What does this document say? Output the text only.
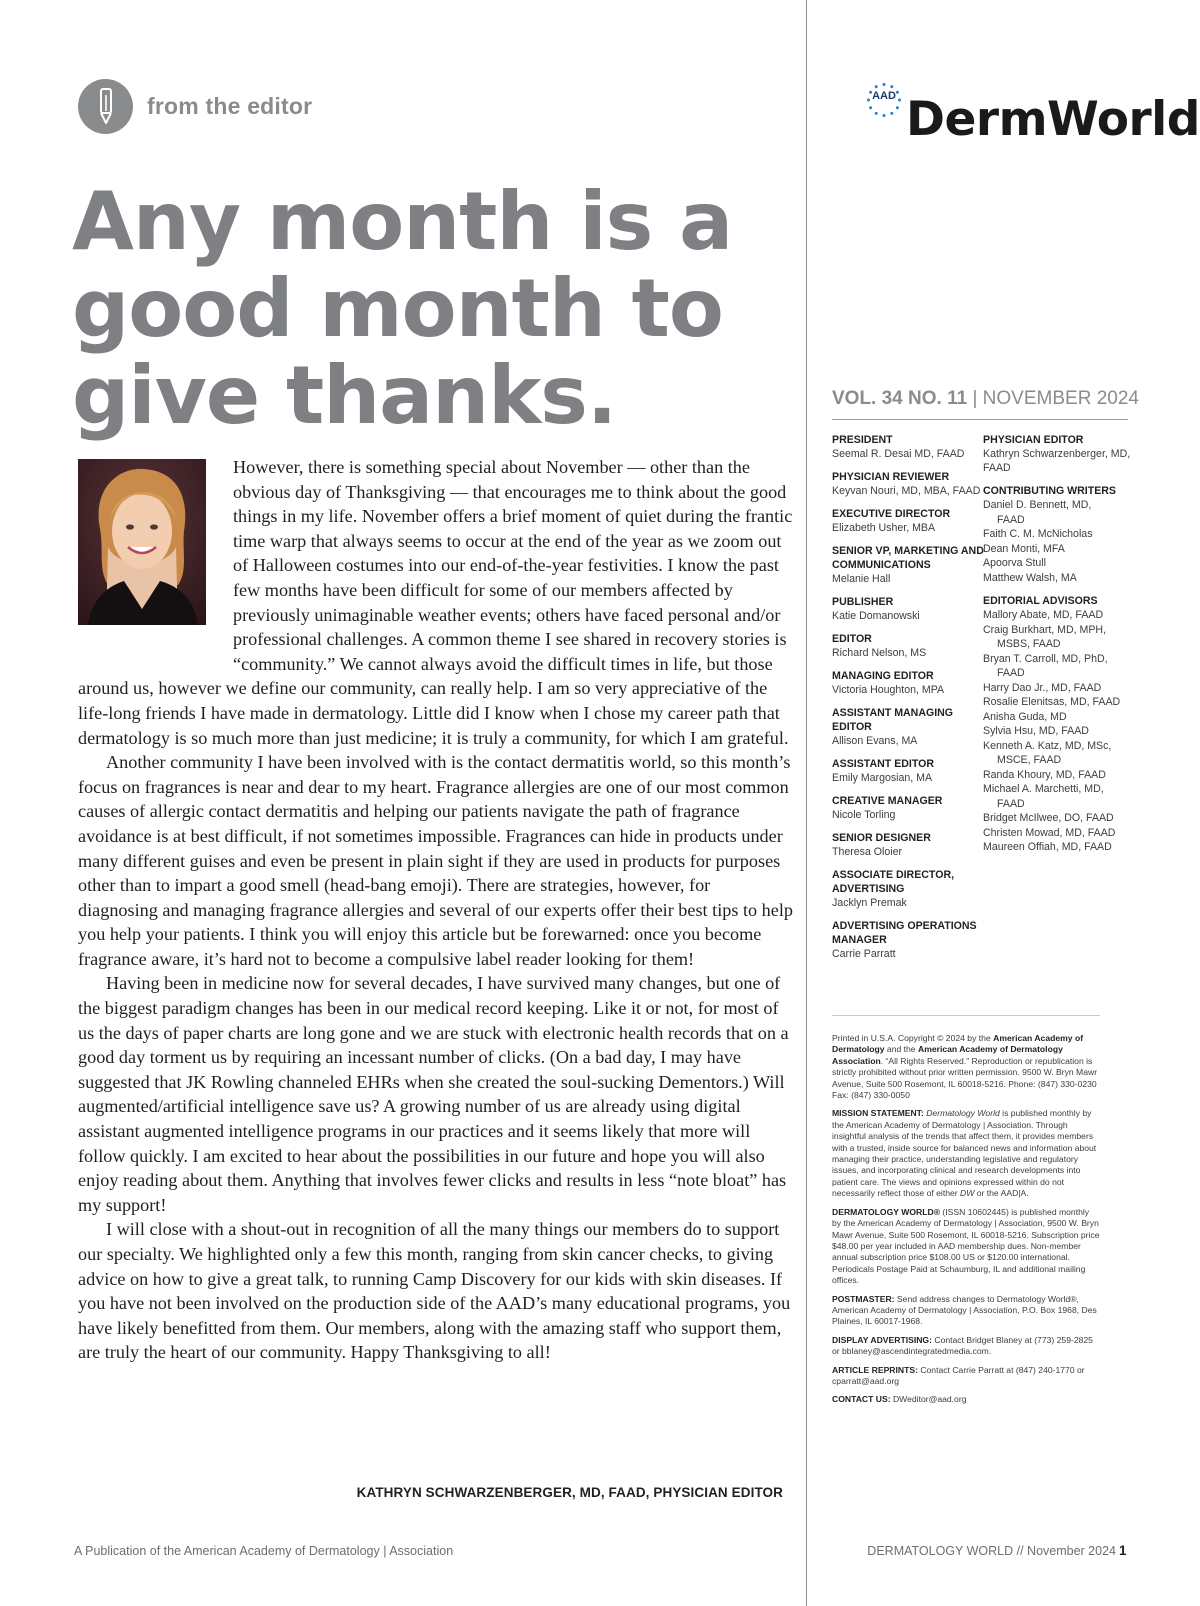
from the editor
Any month is a
good month to
give thanks.
AAD DermWorld
VOL. 34 NO. 11 | NOVEMBER 2024
PRESIDENT
Seemal R. Desai MD, FAAD
PHYSICIAN REVIEWER
Keyvan Nouri, MD, MBA, FAAD
EXECUTIVE DIRECTOR
Elizabeth Usher, MBA
SENIOR VP, MARKETING AND COMMUNICATIONS
Melanie Hall
PUBLISHER
Katie Domanowski
EDITOR
Richard Nelson, MS
MANAGING EDITOR
Victoria Houghton, MPA
ASSISTANT MANAGING EDITOR
Allison Evans, MA
ASSISTANT EDITOR
Emily Margosian, MA
CREATIVE MANAGER
Nicole Torling
SENIOR DESIGNER
Theresa Oloier
ASSOCIATE DIRECTOR, ADVERTISING
Jacklyn Premak
ADVERTISING OPERATIONS MANAGER
Carrie Parratt
PHYSICIAN EDITOR
Kathryn Schwarzenberger, MD, FAAD
CONTRIBUTING WRITERS
Daniel D. Bennett, MD,
FAAD
Faith C. M. McNicholas
Dean Monti, MFA
Apoorva Stull
Matthew Walsh, MA
EDITORIAL ADVISORS
Mallory Abate, MD, FAAD
Craig Burkhart, MD, MPH,
MSBS, FAAD
Bryan T. Carroll, MD, PhD,
FAAD
Harry Dao Jr., MD, FAAD
Rosalie Elenitsas, MD, FAAD
Anisha Guda, MD
Sylvia Hsu, MD, FAAD
Kenneth A. Katz, MD, MSc,
MSCE, FAAD
Randa Khoury, MD, FAAD
Michael A. Marchetti, MD,
FAAD
Bridget McIlwee, DO, FAAD
Christen Mowad, MD, FAAD
Maureen Offiah, MD, FAAD

Printed in U.S.A. Copyright © 2024 by the American Academy of Dermatology and the American Academy of Dermatology Association. “All Rights Reserved.” Reproduction or republication is strictly prohibited without prior written permission. 9500 W. Bryn Mawr Avenue, Suite 500 Rosemont, IL 60018-5216. Phone: (847) 330-0230 Fax: (847) 330-0050

MISSION STATEMENT: Dermatology World is published monthly by the American Academy of Dermatology | Association. Through insightful analysis of the trends that affect them, it provides members with a trusted, inside source for balanced news and information about managing their practice, understanding legislative and regulatory issues, and incorporating clinical and research developments into patient care. The views and opinions expressed within do not necessarily reflect those of either DW or the AAD|A.

DERMATOLOGY WORLD® (ISSN 10602445) is published monthly by the American Academy of Dermatology | Association, 9500 W. Bryn Mawr Avenue, Suite 500 Rosemont, IL 60018-5216. Subscription price $48.00 per year included in AAD membership dues. Non-member annual subscription price $108.00 US or $120.00 international. Periodicals Postage Paid at Schaumburg, IL and additional mailing offices.

POSTMASTER: Send address changes to Dermatology World®, American Academy of Dermatology | Association, P.O. Box 1968, Des Plaines, IL 60017-1968.

DISPLAY ADVERTISING: Contact Bridget Blaney at (773) 259-2825 or bblaney@ascendintegratedmedia.com.

ARTICLE REPRINTS: Contact Carrie Parratt at (847) 240-1770 or cparratt@aad.org

CONTACT US: DWeditor@aad.org

However, there is something special about November — other than the obvious day of Thanksgiving — that encourages me to think about the good things in my life. November offers a brief moment of quiet during the frantic time warp that always seems to occur at the end of the year as we zoom out of Halloween costumes into our end-of-the-year festivities. I know the past few months have been difficult for some of our members affected by previously unimaginable weather events; others have faced personal and/or professional challenges. A common theme I see shared in recovery stories is “community.” We cannot always avoid the difficult times in life, but those around us, however we define our community, can really help. I am so very appreciative of the life-long friends I have made in dermatology. Little did I know when I chose my career path that dermatology is so much more than just medicine; it is truly a community, for which I am grateful.

Another community I have been involved with is the contact dermatitis world, so this month’s focus on fragrances is near and dear to my heart. Fragrance allergies are one of our most common causes of allergic contact dermatitis and helping our patients navigate the path of fragrance avoidance is at best difficult, if not sometimes impossible. Fragrances can hide in products under many different guises and even be present in plain sight if they are used in products for purposes other than to impart a good smell (head-bang emoji). There are strategies, however, for diagnosing and managing fragrance allergies and several of our experts offer their best tips to help you help your patients. I think you will enjoy this article but be forewarned: once you become fragrance aware, it’s hard not to become a compulsive label reader looking for them!

Having been in medicine now for several decades, I have survived many changes, but one of the biggest paradigm changes has been in our medical record keeping. Like it or not, for most of us the days of paper charts are long gone and we are stuck with electronic health records that on a good day torment us by requiring an incessant number of clicks. (On a bad day, I may have suggested that JK Rowling channeled EHRs when she created the soul-sucking Dementors.) Will augmented/artificial intelligence save us? A growing number of us are already using digital assistant augmented intelligence programs in our practices and it seems likely that more will follow quickly. I am excited to hear about the possibilities in our future and hope you will also enjoy reading about them. Anything that involves fewer clicks and results in less “note bloat” has my support!

I will close with a shout-out in recognition of all the many things our members do to support our specialty. We highlighted only a few this month, ranging from skin cancer checks, to giving advice on how to give a great talk, to running Camp Discovery for our kids with skin diseases. If you have not been involved on the production side of the AAD’s many educational programs, you have likely benefitted from them. Our members, along with the amazing staff who support them, are truly the heart of our community. Happy Thanksgiving to all!

KATHRYN SCHWARZENBERGER, MD, FAAD, PHYSICIAN EDITOR
A Publication of the American Academy of Dermatology | Association	DERMATOLOGY WORLD // November 2024 1
